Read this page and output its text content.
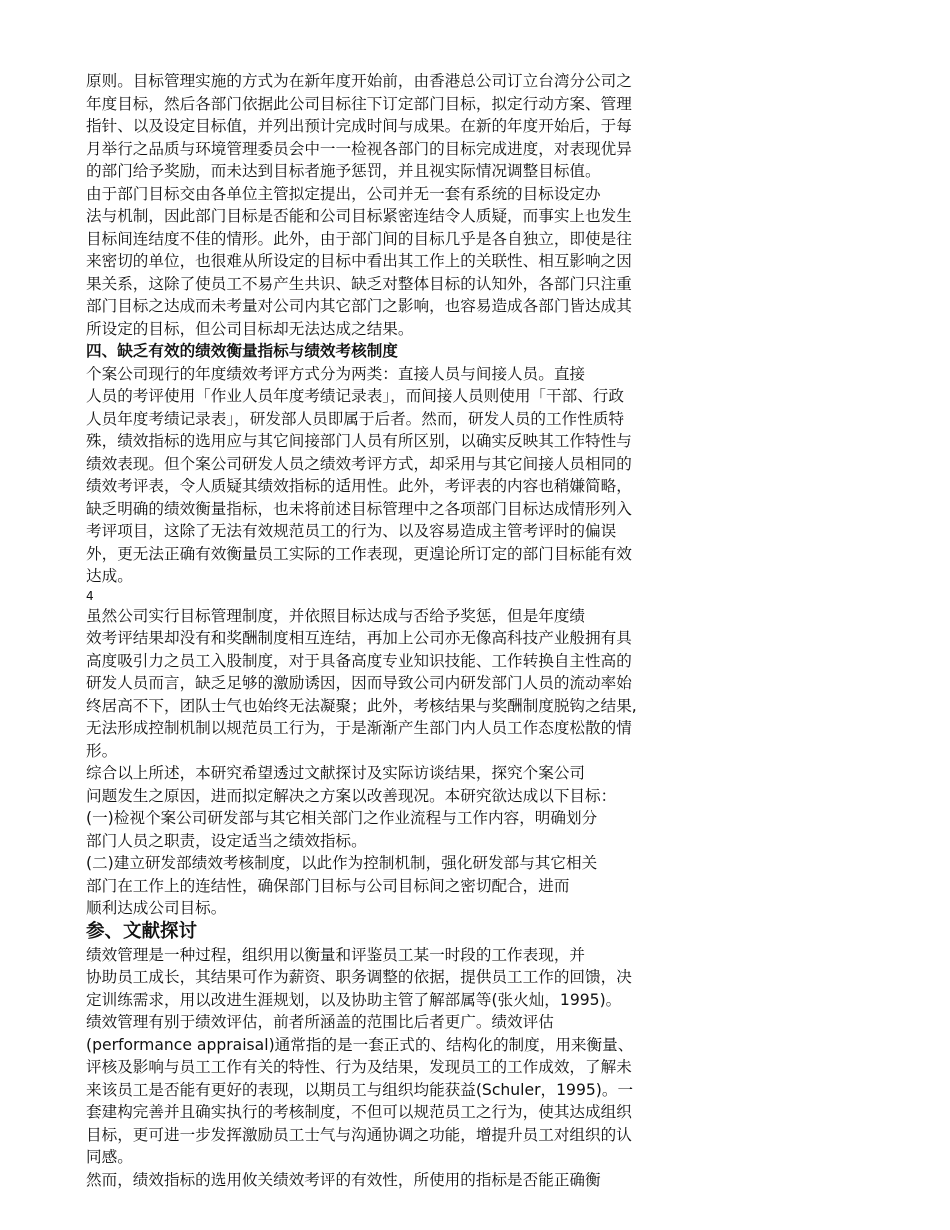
原则。目标管理实施的方式为在新年度开始前，由香港总公司订立台湾分公司之
年度目标，然后各部门依据此公司目标往下订定部门目标，拟定行动方案、管理
指针、以及设定目标值，并列出预计完成时间与成果。在新的年度开始后，于每
月举行之品质与环境管理委员会中一一检视各部门的目标完成进度，对表现优异
的部门给予奖励，而未达到目标者施予惩罚，并且视实际情况调整目标值。
由于部门目标交由各单位主管拟定提出，公司并无一套有系统的目标设定办
法与机制，因此部门目标是否能和公司目标紧密连结令人质疑，而事实上也发生
目标间连结度不佳的情形。此外，由于部门间的目标几乎是各自独立，即使是往
来密切的单位，也很难从所设定的目标中看出其工作上的关联性、相互影响之因
果关系，这除了使员工不易产生共识、缺乏对整体目标的认知外，各部门只注重
部门目标之达成而未考量对公司内其它部门之影响，也容易造成各部门皆达成其
所设定的目标，但公司目标却无法达成之结果。
四、缺乏有效的绩效衡量指标与绩效考核制度
个案公司现行的年度绩效考评方式分为两类：直接人员与间接人员。直接
人员的考评使用「作业人员年度考绩记录表」，而间接人员则使用「干部、行政
人员年度考绩记录表」，研发部人员即属于后者。然而，研发人员的工作性质特
殊，绩效指标的选用应与其它间接部门人员有所区别，以确实反映其工作特性与
绩效表现。但个案公司研发人员之绩效考评方式，却采用与其它间接人员相同的
绩效考评表，令人质疑其绩效指标的适用性。此外，考评表的内容也稍嫌简略，
缺乏明确的绩效衡量指标，也未将前述目标管理中之各项部门目标达成情形列入
考评项目，这除了无法有效规范员工的行为、以及容易造成主管考评时的偏误
外，更无法正确有效衡量员工实际的工作表现，更遑论所订定的部门目标能有效
达成。
4
虽然公司实行目标管理制度，并依照目标达成与否给予奖惩，但是年度绩
效考评结果却没有和奖酬制度相互连结，再加上公司亦无像高科技产业般拥有具
高度吸引力之员工入股制度，对于具备高度专业知识技能、工作转换自主性高的
研发人员而言，缺乏足够的激励诱因，因而导致公司内研发部门人员的流动率始
终居高不下，团队士气也始终无法凝聚；此外，考核结果与奖酬制度脱钩之结果,
无法形成控制机制以规范员工行为，于是渐渐产生部门内人员工作态度松散的情
形。
综合以上所述，本研究希望透过文献探讨及实际访谈结果，探究个案公司
问题发生之原因，进而拟定解决之方案以改善现况。本研究欲达成以下目标：
(一)检视个案公司研发部与其它相关部门之作业流程与工作内容，明确划分
部门人员之职责，设定适当之绩效指标。
(二)建立研发部绩效考核制度，以此作为控制机制，强化研发部与其它相关
部门在工作上的连结性，确保部门目标与公司目标间之密切配合，进而
顺利达成公司目标。
参、文献探讨
绩效管理是一种过程，组织用以衡量和评鉴员工某一时段的工作表现，并
协助员工成长，其结果可作为薪资、职务调整的依据，提供员工工作的回馈，决
定训练需求，用以改进生涯规划，以及协助主管了解部属等(张火灿，1995)。
绩效管理有别于绩效评估，前者所涵盖的范围比后者更广。绩效评估
(performance appraisal)通常指的是一套正式的、结构化的制度，用来衡量、
评核及影响与员工工作有关的特性、行为及结果，发现员工的工作成效，了解未
来该员工是否能有更好的表现，以期员工与组织均能获益(Schuler，1995)。一
套建构完善并且确实执行的考核制度，不但可以规范员工之行为，使其达成组织
目标，更可进一步发挥激励员工士气与沟通协调之功能，增提升员工对组织的认
同感。
然而，绩效指标的选用攸关绩效考评的有效性，所使用的指标是否能正确衡
